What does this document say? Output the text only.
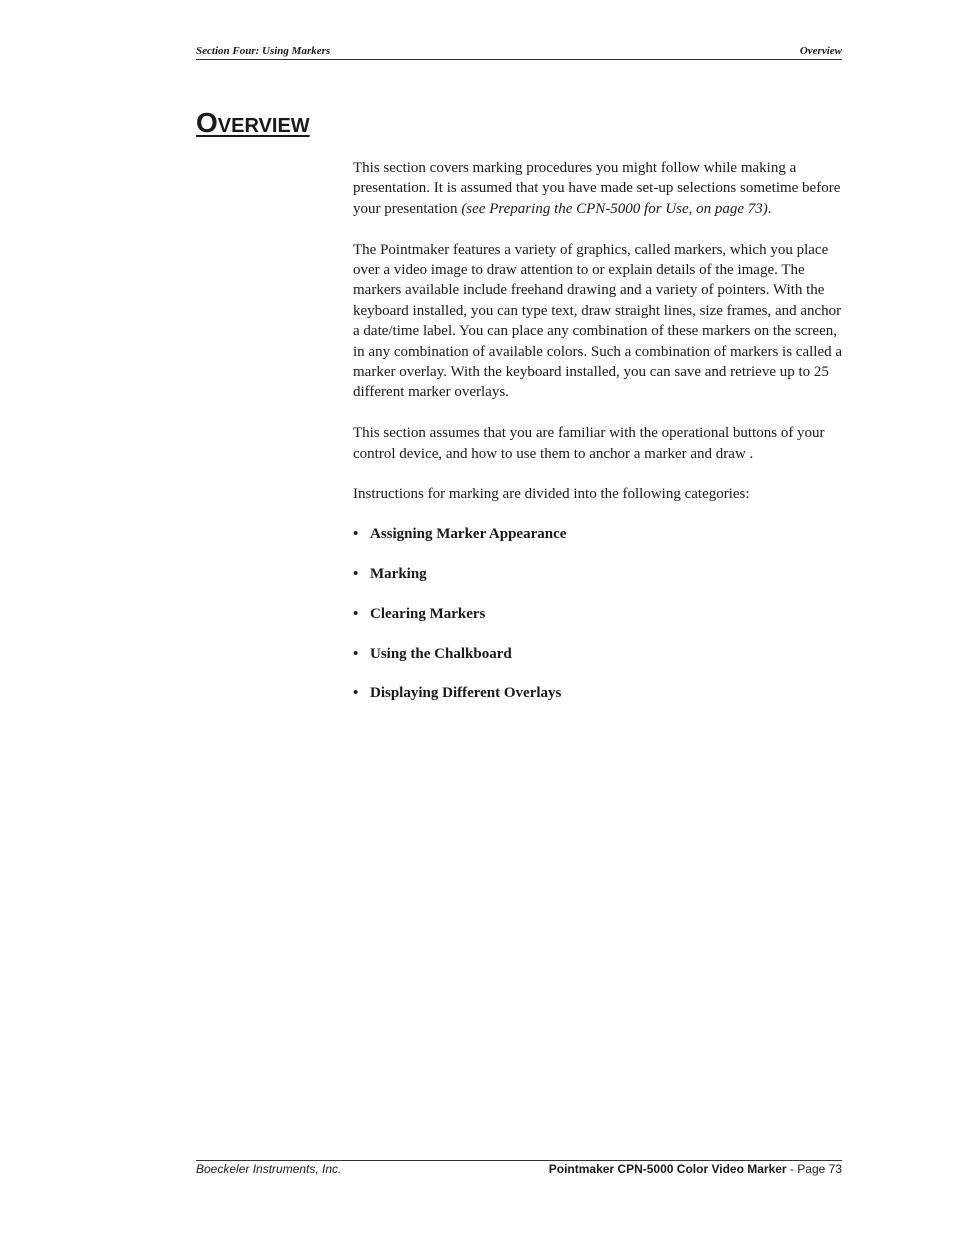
Section Four: Using Markers	Overview
Overview

This section covers marking procedures you might follow while making a presentation. It is assumed that you have made set-up selections sometime before your presentation (see Preparing the CPN-5000 for Use, on page 73).

The Pointmaker features a variety of graphics, called markers, which you place over a video image to draw attention to or explain details of the image. The markers available include freehand drawing and a variety of pointers. With the keyboard installed, you can type text, draw straight lines, size frames, and anchor a date/time label. You can place any combination of these markers on the screen, in any combination of available colors. Such a combination of markers is called a marker overlay. With the keyboard installed, you can save and retrieve up to 25 different marker overlays.

This section assumes that you are familiar with the operational buttons of your control device, and how to use them to anchor a marker and draw .

Instructions for marking are divided into the following categories:

• Assigning Marker Appearance
• Marking
• Clearing Markers
• Using the Chalkboard
• Displaying Different Overlays
Boeckeler Instruments, Inc.	Pointmaker CPN-5000 Color Video Marker - Page 73
